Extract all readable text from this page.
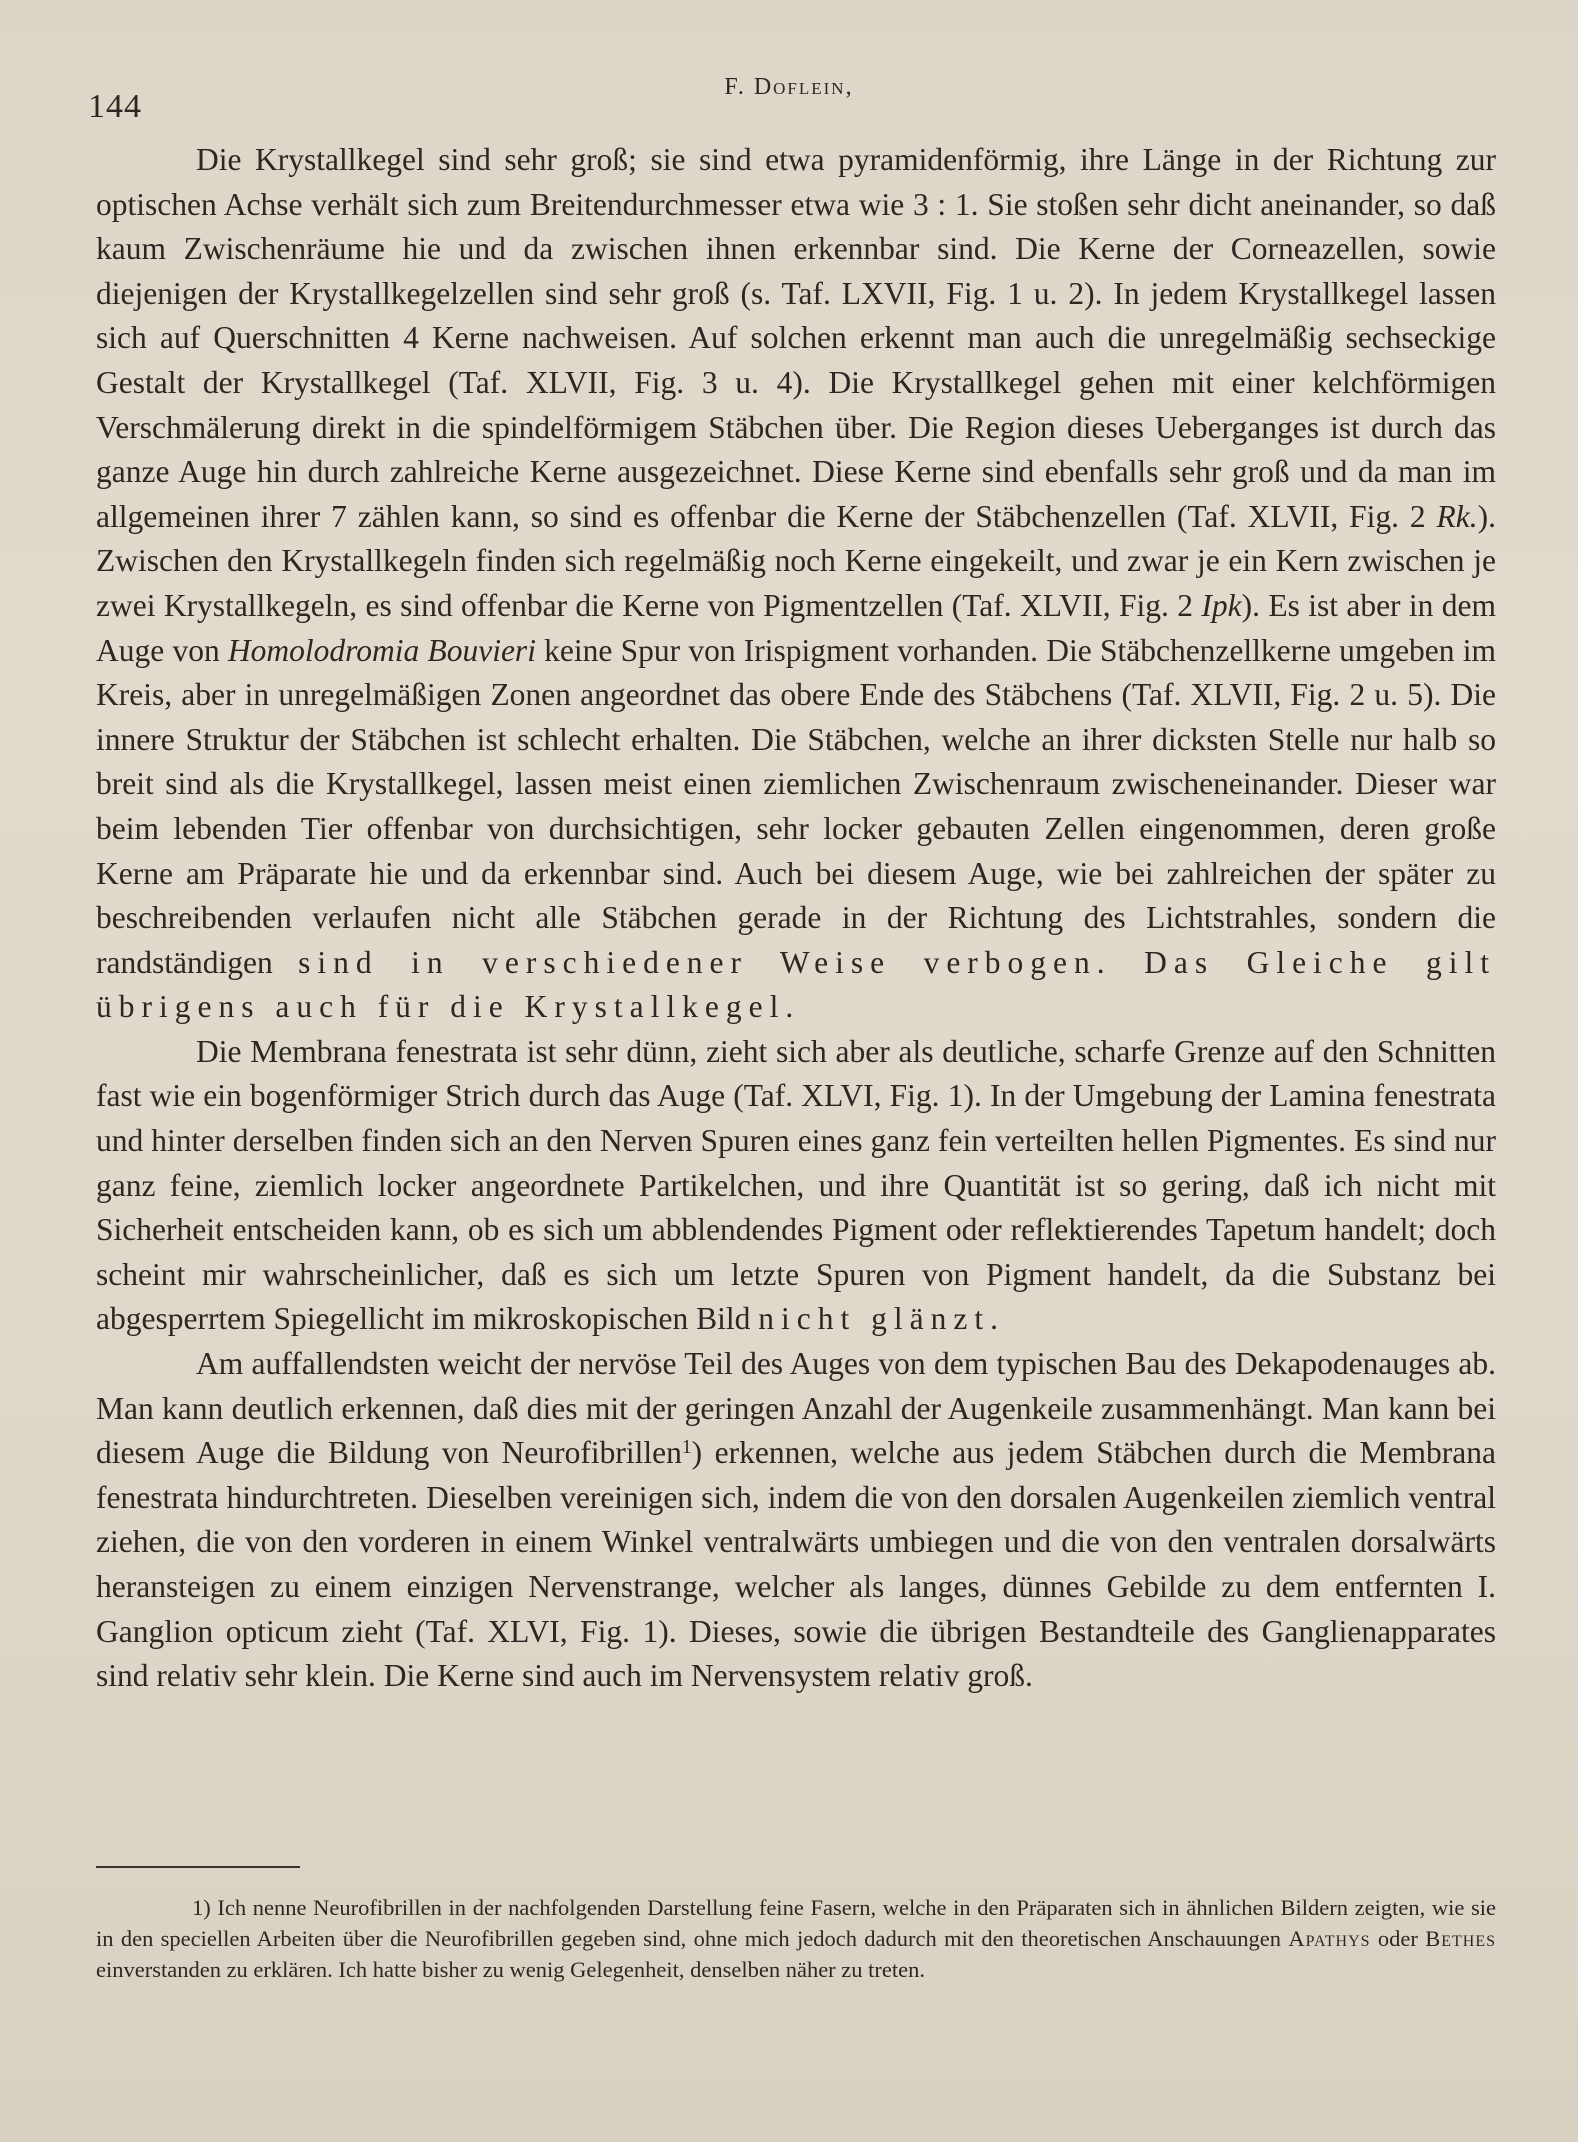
144
F. Doflein,

Die Krystallkegel sind sehr groß; sie sind etwa pyramidenförmig, ihre Länge in der Richtung zur optischen Achse verhält sich zum Breitendurchmesser etwa wie 3 : 1. Sie stoßen sehr dicht aneinander, so daß kaum Zwischenräume hie und da zwischen ihnen erkennbar sind. Die Kerne der Corneazellen, sowie diejenigen der Krystallkegelzellen sind sehr groß (s. Taf. LXVII, Fig. 1 u. 2). In jedem Krystallkegel lassen sich auf Querschnitten 4 Kerne nachweisen. Auf solchen erkennt man auch die unregelmäßig sechseckige Gestalt der Krystallkegel (Taf. XLVII, Fig. 3 u. 4). Die Krystallkegel gehen mit einer kelchförmigen Verschmälerung direkt in die spindelförmigem Stäbchen über. Die Region dieses Ueberganges ist durch das ganze Auge hin durch zahlreiche Kerne ausgezeichnet. Diese Kerne sind ebenfalls sehr groß und da man im allgemeinen ihrer 7 zählen kann, so sind es offenbar die Kerne der Stäbchenzellen (Taf. XLVII, Fig. 2 Rk.). Zwischen den Krystallkegeln finden sich regelmäßig noch Kerne eingekeilt, und zwar je ein Kern zwischen je zwei Krystallkegeln, es sind offenbar die Kerne von Pigmentzellen (Taf. XLVII, Fig. 2 Ipk). Es ist aber in dem Auge von Homolodromia Bouvieri keine Spur von Irispigment vorhanden. Die Stäbchenzellkerne umgeben im Kreis, aber in unregelmäßigen Zonen angeordnet das obere Ende des Stäbchens (Taf. XLVII, Fig. 2 u. 5). Die innere Struktur der Stäbchen ist schlecht erhalten. Die Stäbchen, welche an ihrer dicksten Stelle nur halb so breit sind als die Krystallkegel, lassen meist einen ziemlichen Zwischenraum zwischeneinander. Dieser war beim lebenden Tier offenbar von durchsichtigen, sehr locker gebauten Zellen eingenommen, deren große Kerne am Präparate hie und da erkennbar sind. Auch bei diesem Auge, wie bei zahlreichen der später zu beschreibenden verlaufen nicht alle Stäbchen gerade in der Richtung des Lichtstrahles, sondern die randständigen sind in verschiedener Weise verbogen. Das Gleiche gilt übrigens auch für die Krystallkegel.

Die Membrana fenestrata ist sehr dünn, zieht sich aber als deutliche, scharfe Grenze auf den Schnitten fast wie ein bogenförmiger Strich durch das Auge (Taf. XLVI, Fig. 1). In der Umgebung der Lamina fenestrata und hinter derselben finden sich an den Nerven Spuren eines ganz fein verteilten hellen Pigmentes. Es sind nur ganz feine, ziemlich locker angeordnete Partikelchen, und ihre Quantität ist so gering, daß ich nicht mit Sicherheit entscheiden kann, ob es sich um abblendendes Pigment oder reflektierendes Tapetum handelt; doch scheint mir wahrscheinlicher, daß es sich um letzte Spuren von Pigment handelt, da die Substanz bei abgesperrtem Spiegellicht im mikroskopischen Bild nicht glänzt.

Am auffallendsten weicht der nervöse Teil des Auges von dem typischen Bau des Dekapodenauges ab. Man kann deutlich erkennen, daß dies mit der geringen Anzahl der Augenkeile zusammenhängt. Man kann bei diesem Auge die Bildung von Neurofibrillen$^1$) erkennen, welche aus jedem Stäbchen durch die Membrana fenestrata hindurchtreten. Dieselben vereinigen sich, indem die von den dorsalen Augenkeilen ziemlich ventral ziehen, die von den vorderen in einem Winkel ventralwärts umbiegen und die von den ventralen dorsalwärts heransteigen zu einem einzigen Nervenstrange, welcher als langes, dünnes Gebilde zu dem entfernten I. Ganglion opticum zieht (Taf. XLVI, Fig. 1). Dieses, sowie die übrigen Bestandteile des Ganglienapparates sind relativ sehr klein. Die Kerne sind auch im Nervensystem relativ groß.

1) Ich nenne Neurofibrillen in der nachfolgenden Darstellung feine Fasern, welche in den Präparaten sich in ähnlichen Bildern zeigten, wie sie in den speciellen Arbeiten über die Neurofibrillen gegeben sind, ohne mich jedoch dadurch mit den theoretischen Anschauungen Apathys oder Bethes einverstanden zu erklären. Ich hatte bisher zu wenig Gelegenheit, denselben näher zu treten.
